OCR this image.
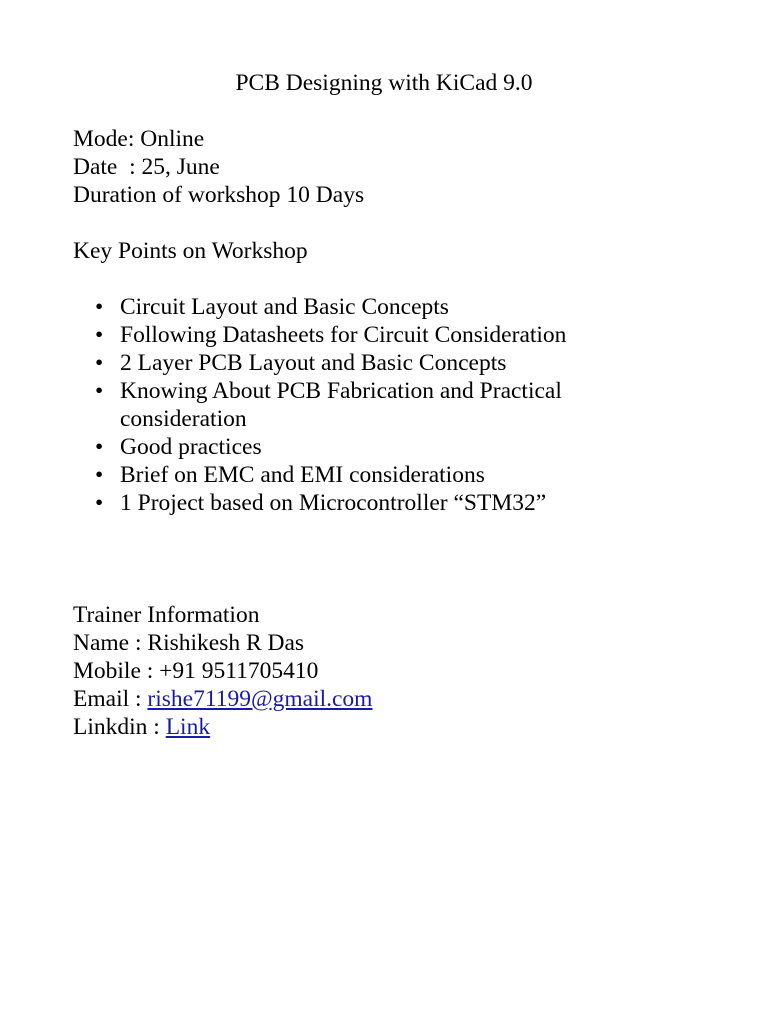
PCB Designing with KiCad 9.0
Mode: Online
Date  : 25, June
Duration of workshop 10 Days
Key Points on Workshop
• Circuit Layout and Basic Concepts
• Following Datasheets for Circuit Consideration
• 2 Layer PCB Layout and Basic Concepts
• Knowing About PCB Fabrication and Practical consideration
• Good practices
• Brief on EMC and EMI considerations
• 1 Project based on Microcontroller “STM32”
Trainer Information
Name : Rishikesh R Das
Mobile : +91 9511705410
Email : rishe71199@gmail.com
Linkdin : Link
